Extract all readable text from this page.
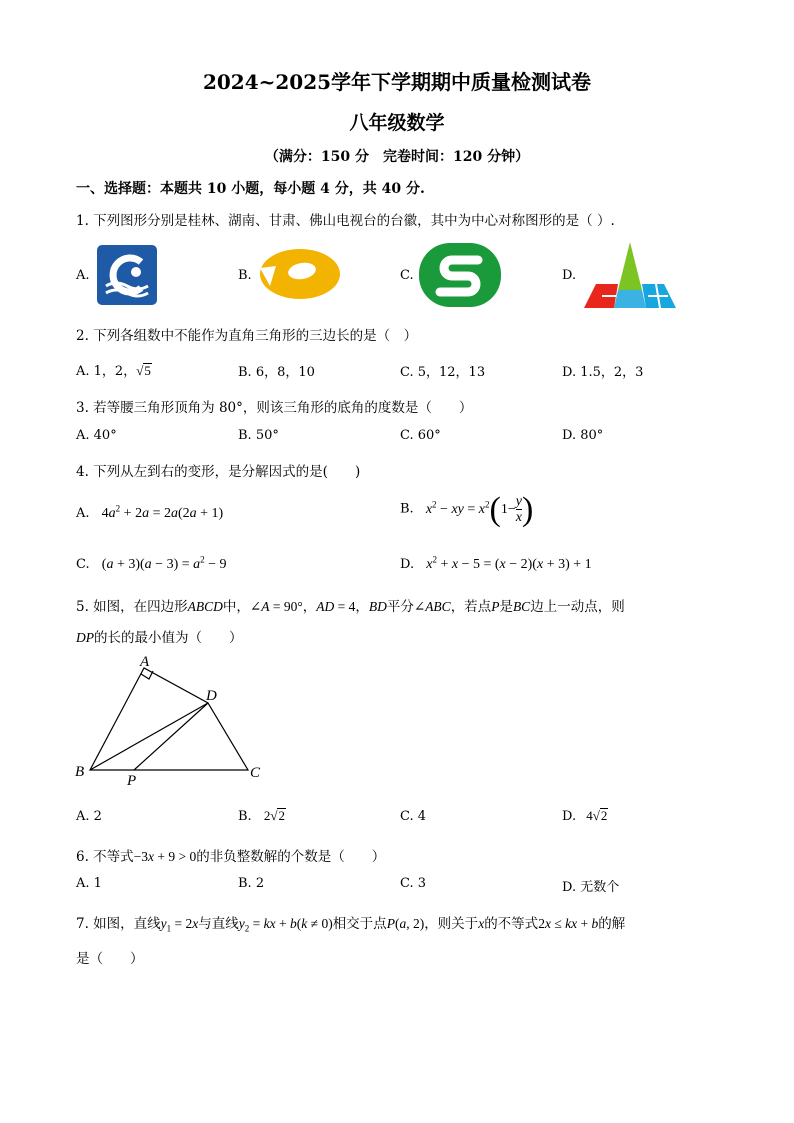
2024~2025学年下学期期中质量检测试卷
八年级数学
（满分：150 分　完卷时间：120 分钟）
一、选择题：本题共 10 小题，每小题 4 分，共 40 分.
1. 下列图形分别是桂林、湖南、甘肃、佛山电视台的台徽，其中为中心对称图形的是（ ）.
A.	B.	C.	D.
2. 下列各组数中不能作为直角三角形的三边长的是（　）
A. 1，2，√5	B. 6，8，10	C. 5，12，13	D. 1.5，2，3
3. 若等腰三角形顶角为 80°，则该三角形的底角的度数是（　　）
A. 40°	B. 50°	C. 60°	D. 80°
4. 下列从左到右的变形，是分解因式的是(　　)
A. $4a^2 + 2a = 2a(2a + 1)$	B. $x^2$ − xy = $x^2(1- \frac{y}{x}$ )
C. $(a + 3)(a - 3) = a^2 - 9$	D. $x^2 + x - 5 = (x - 2)(x + 3) + 1$
5. 如图，在四边形ABCD中，∠A = 90°，AD = 4，BD平分∠ABC，若点P是BC边上一动点，则
DP的长的最小值为（　　）
A
D
B	C
P
A. 2	B. 2√2	C. 4	D. 4√2
6. 不等式−3x + 9 > 0的非负整数解的个数是（　　）
A. 1	B. 2	C. 3	D. 无数个
7. 如图，直线$y_1 = 2x$与直线$y_2$ = kx + b(k ≠ 0)相交于点P(a, 2)，则关于x的不等式2x ≤ kx + b的解
是（　　）
